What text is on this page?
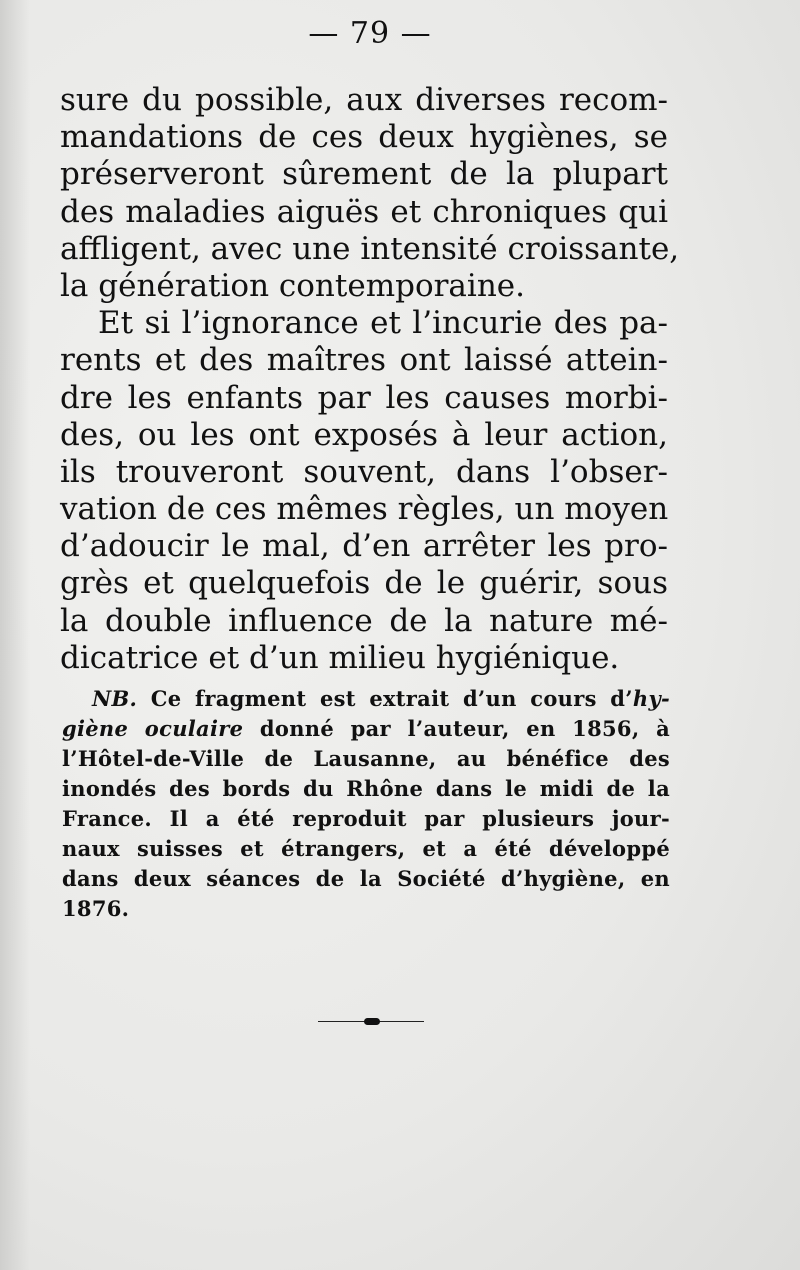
— 79 —
sure du possible, aux diverses recom-
mandations de ces deux hygiènes, se
préserveront sûrement de la plupart
des maladies aiguës et chroniques qui
affligent, avec une intensité croissante,
la génération contemporaine.
Et si l’ignorance et l’incurie des pa-
rents et des maîtres ont laissé attein-
dre les enfants par les causes morbi-
des, ou les ont exposés à leur action,
ils trouveront souvent, dans l’obser-
vation de ces mêmes règles, un moyen
d’adoucir le mal, d’en arrêter les pro-
grès et quelquefois de le guérir, sous
la double influence de la nature mé-
dicatrice et d’un milieu hygiénique.
NB. Ce fragment est extrait d’un cours d’hy-
giène oculaire donné par l’auteur, en 1856, à
l’Hôtel-de-Ville de Lausanne, au bénéfice des
inondés des bords du Rhône dans le midi de la
France. Il a été reproduit par plusieurs jour-
naux suisses et étrangers, et a été développé
dans deux séances de la Société d’hygiène, en
1876.
